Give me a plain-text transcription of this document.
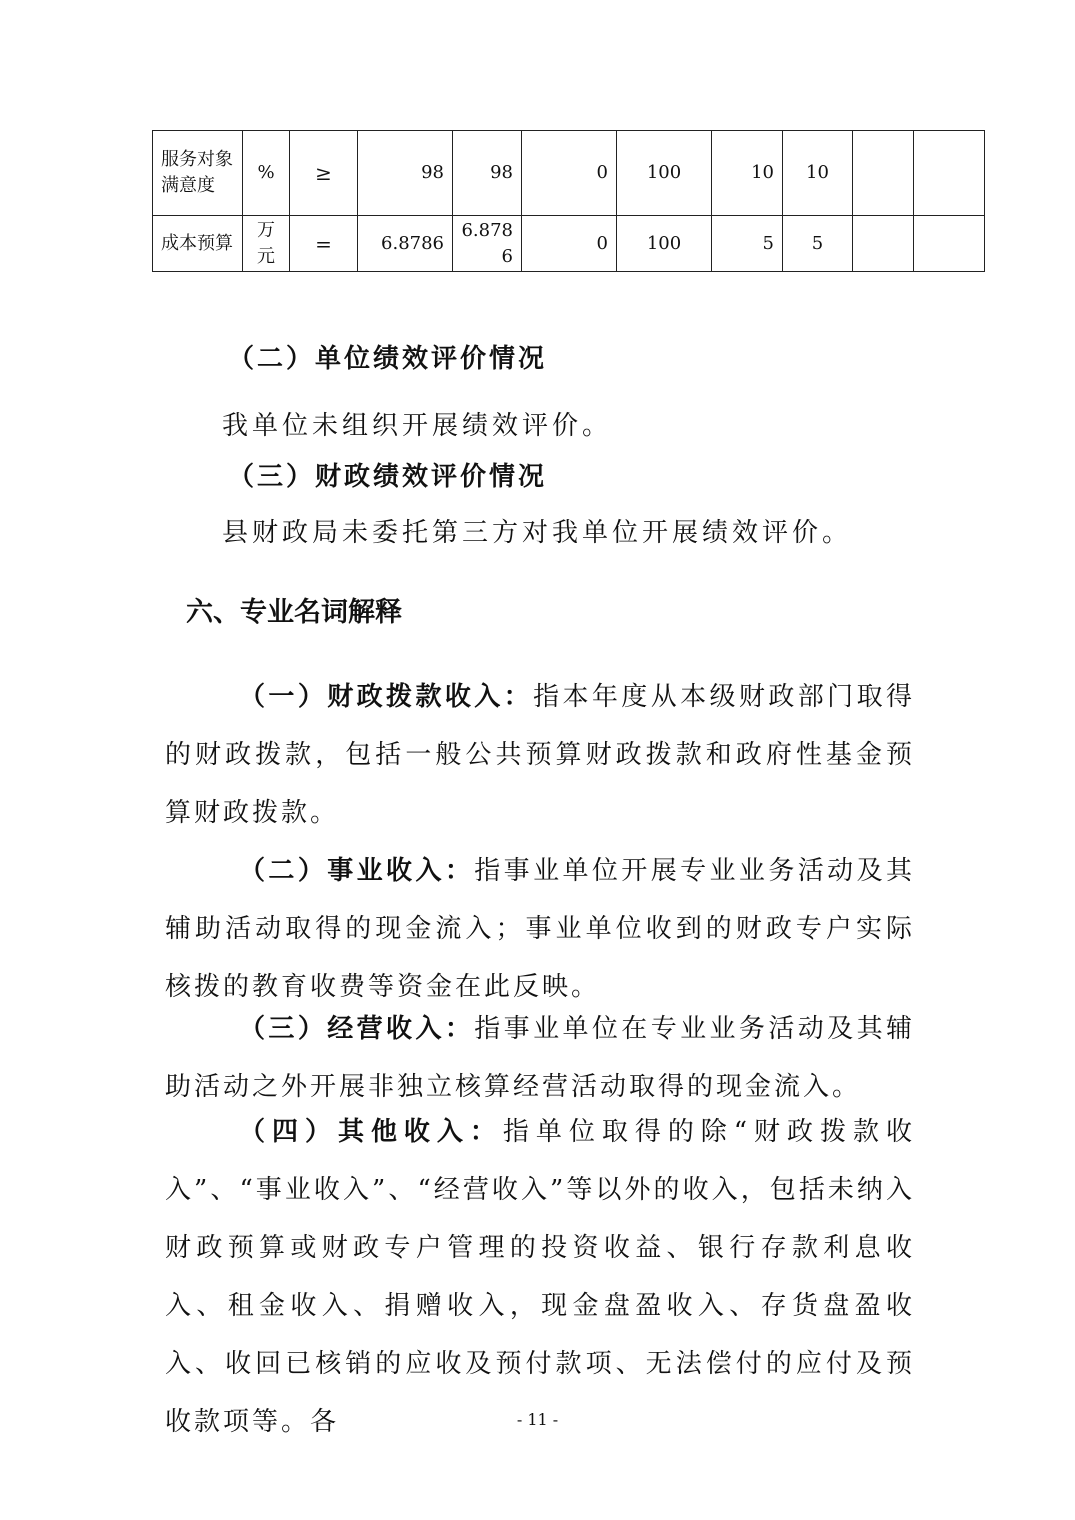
服务对象满意度	%	≥	98	98	0	100	10	10		
成本预算	万元	=	6.8786	6.8786	0	100	5	5		

（二）单位绩效评价情况

我单位未组织开展绩效评价。

（三）财政绩效评价情况

县财政局未委托第三方对我单位开展绩效评价。

六、专业名词解释

（一）财政拨款收入：指本年度从本级财政部门取得的财政拨款，包括一般公共预算财政拨款和政府性基金预算财政拨款。

（二）事业收入：指事业单位开展专业业务活动及其辅助活动取得的现金流入；事业单位收到的财政专户实际核拨的教育收费等资金在此反映。

（三）经营收入：指事业单位在专业业务活动及其辅助活动之外开展非独立核算经营活动取得的现金流入。

（四）其他收入：指单位取得的除“财政拨款收入”、“事业收入”、“经营收入”等以外的收入，包括未纳入财政预算或财政专户管理的投资收益、银行存款利息收入、租金收入、捐赠收入，现金盘盈收入、存货盘盈收入、收回已核销的应收及预付款项、无法偿付的应付及预收款项等。各	- 11 -
